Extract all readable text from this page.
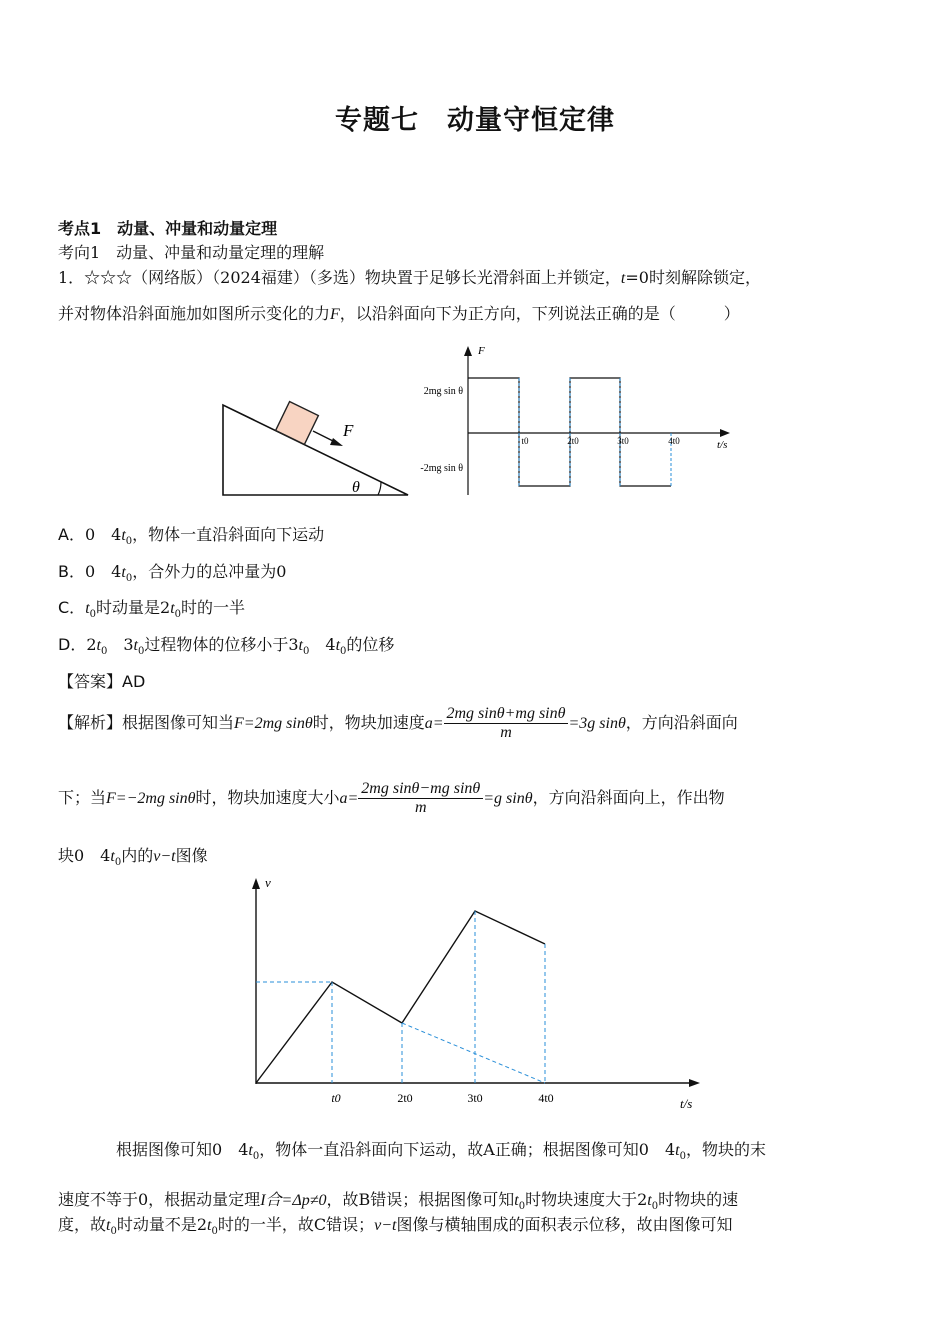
专题七　动量守恒定律
考点1　动量、冲量和动量定理
考向1　动量、冲量和动量定理的理解
1．☆☆☆（网络版）（2024福建）（多选）物块置于足够长光滑斜面上并锁定，t=0时刻解除锁定，
并对物体沿斜面施加如图所示变化的力F，以沿斜面向下为正方向，下列说法正确的是（　　　）
F
θ
F
t/s
2mg sin θ
-2mg sin θ
t0	2t0	3t0	4t0
A．0　$4t_0$，物体一直沿斜面向下运动
B．0　$4t_0$，合外力的总冲量为0
C．$t_0$时动量是$2t_0$时的一半
D．$2t_0$　$3t_0$过程物体的位移小于$3t_0$　$4t_0$的位移
【答案】AD
【解析】根据图像可知当F=2mg sinθ时，物块加速度$a= \frac{\text{2mg sinθ+mg sinθ}}{m} =3g$ sinθ，方向沿斜面向
下；当F=−2mg sinθ时，物块加速度大小$a= \frac{\text{2mg sinθ−mg sinθ}}{m} =g$ sinθ，方向沿斜面向上，作出物
块0　$4t_0$内的v−t图像
v
t/s
t0	2t0	3t0	4t0
根据图像可知0　$4t_0$，物体一直沿斜面向下运动，故A正确；根据图像可知0　$4t_0$，物块的末
速度不等于0，根据动量定理I合=Δp≠0，故B错误；根据图像可知$t_0$时物块速度大于$2t_0$时物块的速
度，故$t_0$时动量不是$2t_0$时的一半，故C错误；v−t图像与横轴围成的面积表示位移，故由图像可知
